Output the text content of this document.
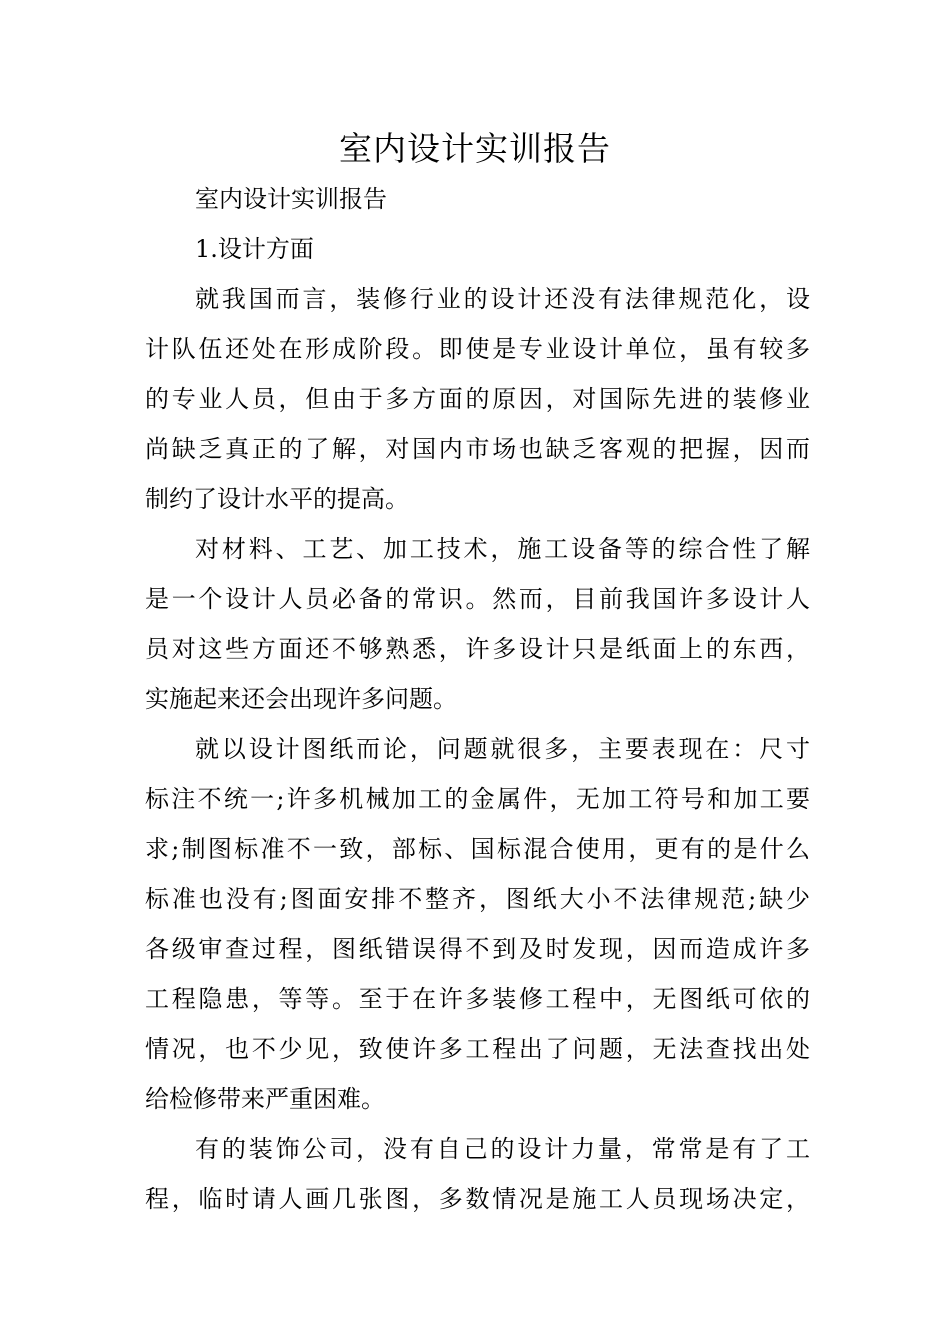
室内设计实训报告

室内设计实训报告

1.设计方面

就我国而言，装修行业的设计还没有法律规范化，设

计队伍还处在形成阶段。即使是专业设计单位，虽有较多

的专业人员，但由于多方面的原因，对国际先进的装修业

尚缺乏真正的了解，对国内市场也缺乏客观的把握，因而

制约了设计水平的提高。

对材料、工艺、加工技术，施工设备等的综合性了解

是一个设计人员必备的常识。然而，目前我国许多设计人

员对这些方面还不够熟悉，许多设计只是纸面上的东西，

实施起来还会出现许多问题。

就以设计图纸而论，问题就很多，主要表现在：尺寸

标注不统一;许多机械加工的金属件，无加工符号和加工要

求;制图标准不一致，部标、国标混合使用，更有的是什么

标准也没有;图面安排不整齐，图纸大小不法律规范;缺少

各级审查过程，图纸错误得不到及时发现，因而造成许多

工程隐患，等等。至于在许多装修工程中，无图纸可依的

情况，也不少见，致使许多工程出了问题，无法查找出处

给检修带来严重困难。

有的装饰公司，没有自己的设计力量，常常是有了工

程，临时请人画几张图，多数情况是施工人员现场决定，
